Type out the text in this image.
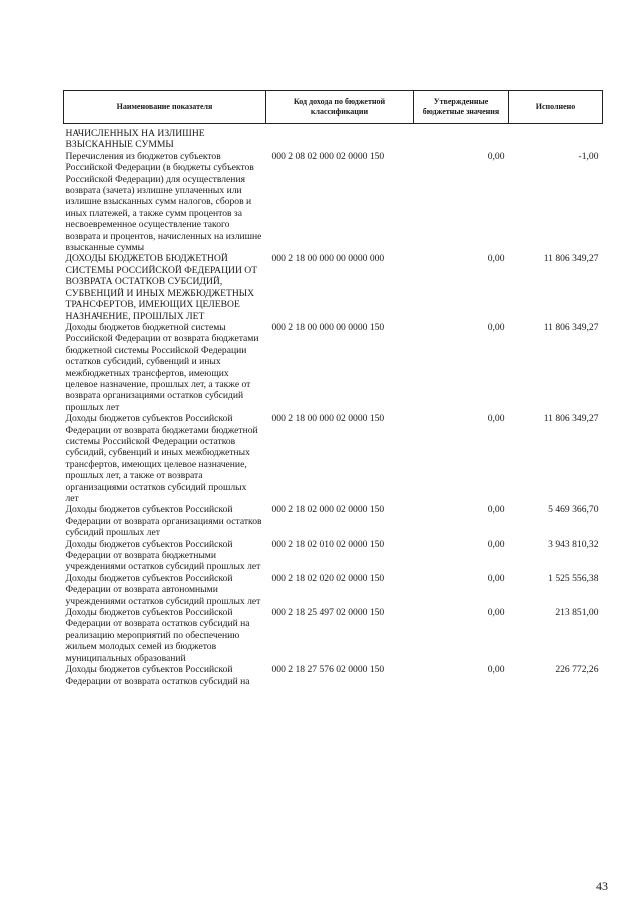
Наименование показателя	Код дохода по бюджетной классификации	Утвержденные бюджетные значения	Исполнено

НАЧИСЛЕННЫХ НА ИЗЛИШНЕ ВЗЫСКАННЫЕ СУММЫ			
Перечисления из бюджетов субъектов Российской Федерации (в бюджеты субъектов Российской Федерации) для осуществления возврата (зачета) излишне уплаченных или излишне взысканных сумм налогов, сборов и иных платежей, а также сумм процентов за несвоевременное осуществление такого возврата и процентов, начисленных на излишне взысканные суммы	000 2 08 02 000 02 0000 150	0,00	-1,00
ДОХОДЫ БЮДЖЕТОВ БЮДЖЕТНОЙ СИСТЕМЫ РОССИЙСКОЙ ФЕДЕРАЦИИ ОТ ВОЗВРАТА ОСТАТКОВ СУБСИДИЙ, СУБВЕНЦИЙ И ИНЫХ МЕЖБЮДЖЕТНЫХ ТРАНСФЕРТОВ, ИМЕЮЩИХ ЦЕЛЕВОЕ НАЗНАЧЕНИЕ, ПРОШЛЫХ ЛЕТ	000 2 18 00 000 00 0000 000	0,00	11 806 349,27
Доходы бюджетов бюджетной системы Российской Федерации от возврата бюджетами бюджетной системы Российской Федерации остатков субсидий, субвенций и иных межбюджетных трансфертов, имеющих целевое назначение, прошлых лет, а также от возврата организациями остатков субсидий прошлых лет	000 2 18 00 000 00 0000 150	0,00	11 806 349,27
Доходы бюджетов субъектов Российской Федерации от возврата бюджетами бюджетной системы Российской Федерации остатков субсидий, субвенций и иных межбюджетных трансфертов, имеющих целевое назначение, прошлых лет, а также от возврата организациями остатков субсидий прошлых лет	000 2 18 00 000 02 0000 150	0,00	11 806 349,27
Доходы бюджетов субъектов Российской Федерации от возврата организациями остатков субсидий прошлых лет	000 2 18 02 000 02 0000 150	0,00	5 469 366,70
Доходы бюджетов субъектов Российской Федерации от возврата бюджетными учреждениями остатков субсидий прошлых лет	000 2 18 02 010 02 0000 150	0,00	3 943 810,32
Доходы бюджетов субъектов Российской Федерации от возврата автономными учреждениями остатков субсидий прошлых лет	000 2 18 02 020 02 0000 150	0,00	1 525 556,38
Доходы бюджетов субъектов Российской Федерации от возврата остатков субсидий на реализацию мероприятий по обеспечению жильем молодых семей из бюджетов муниципальных образований	000 2 18 25 497 02 0000 150	0,00	213 851,00
Доходы бюджетов субъектов Российской Федерации от возврата остатков субсидий на	000 2 18 27 576 02 0000 150	0,00	226 772,26
43
